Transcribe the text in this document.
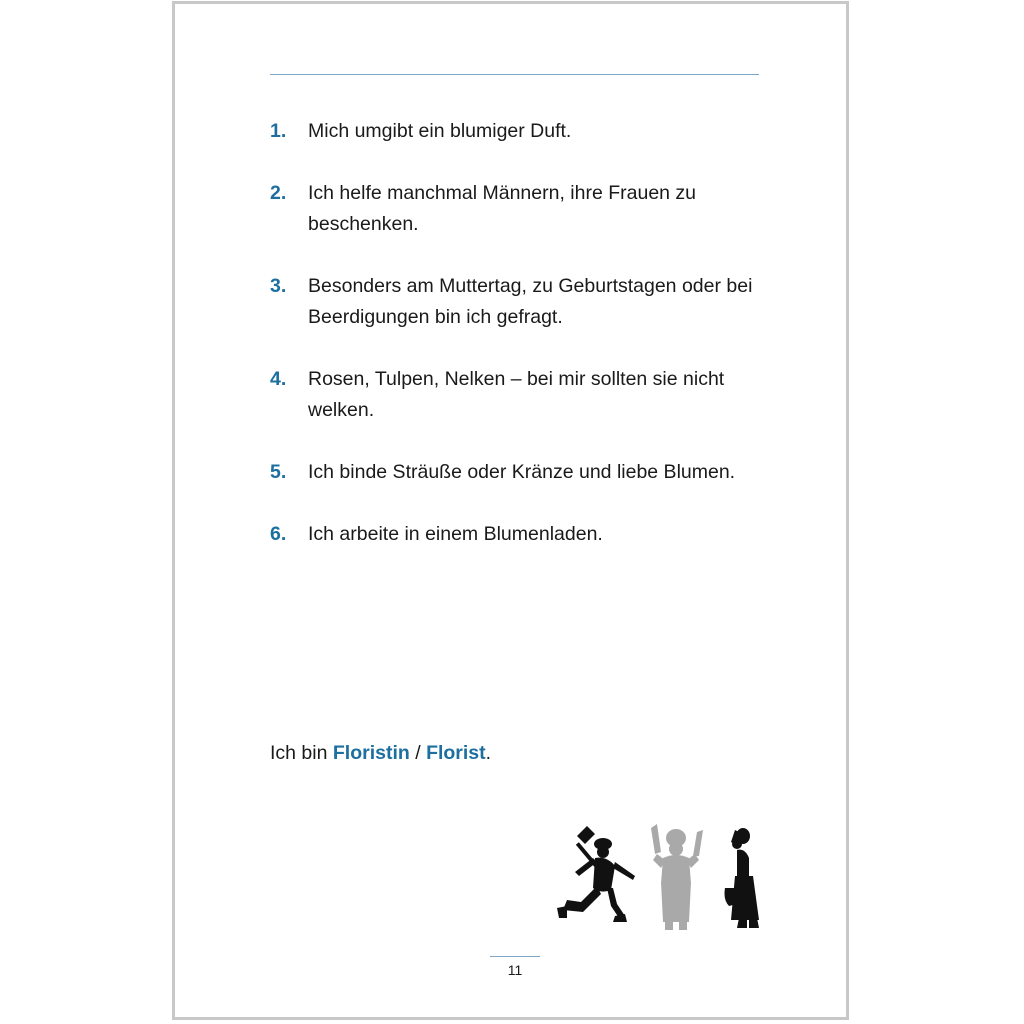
1. Mich umgibt ein blumiger Duft.
2. Ich helfe manchmal Männern, ihre Frauen zu beschenken.
3. Besonders am Muttertag, zu Geburtstagen oder bei Beerdigungen bin ich gefragt.
4. Rosen, Tulpen, Nelken – bei mir sollten sie nicht welken.
5. Ich binde Sträuße oder Kränze und liebe Blumen.
6. Ich arbeite in einem Blumenladen.

Ich bin Floristin / Florist.

11
